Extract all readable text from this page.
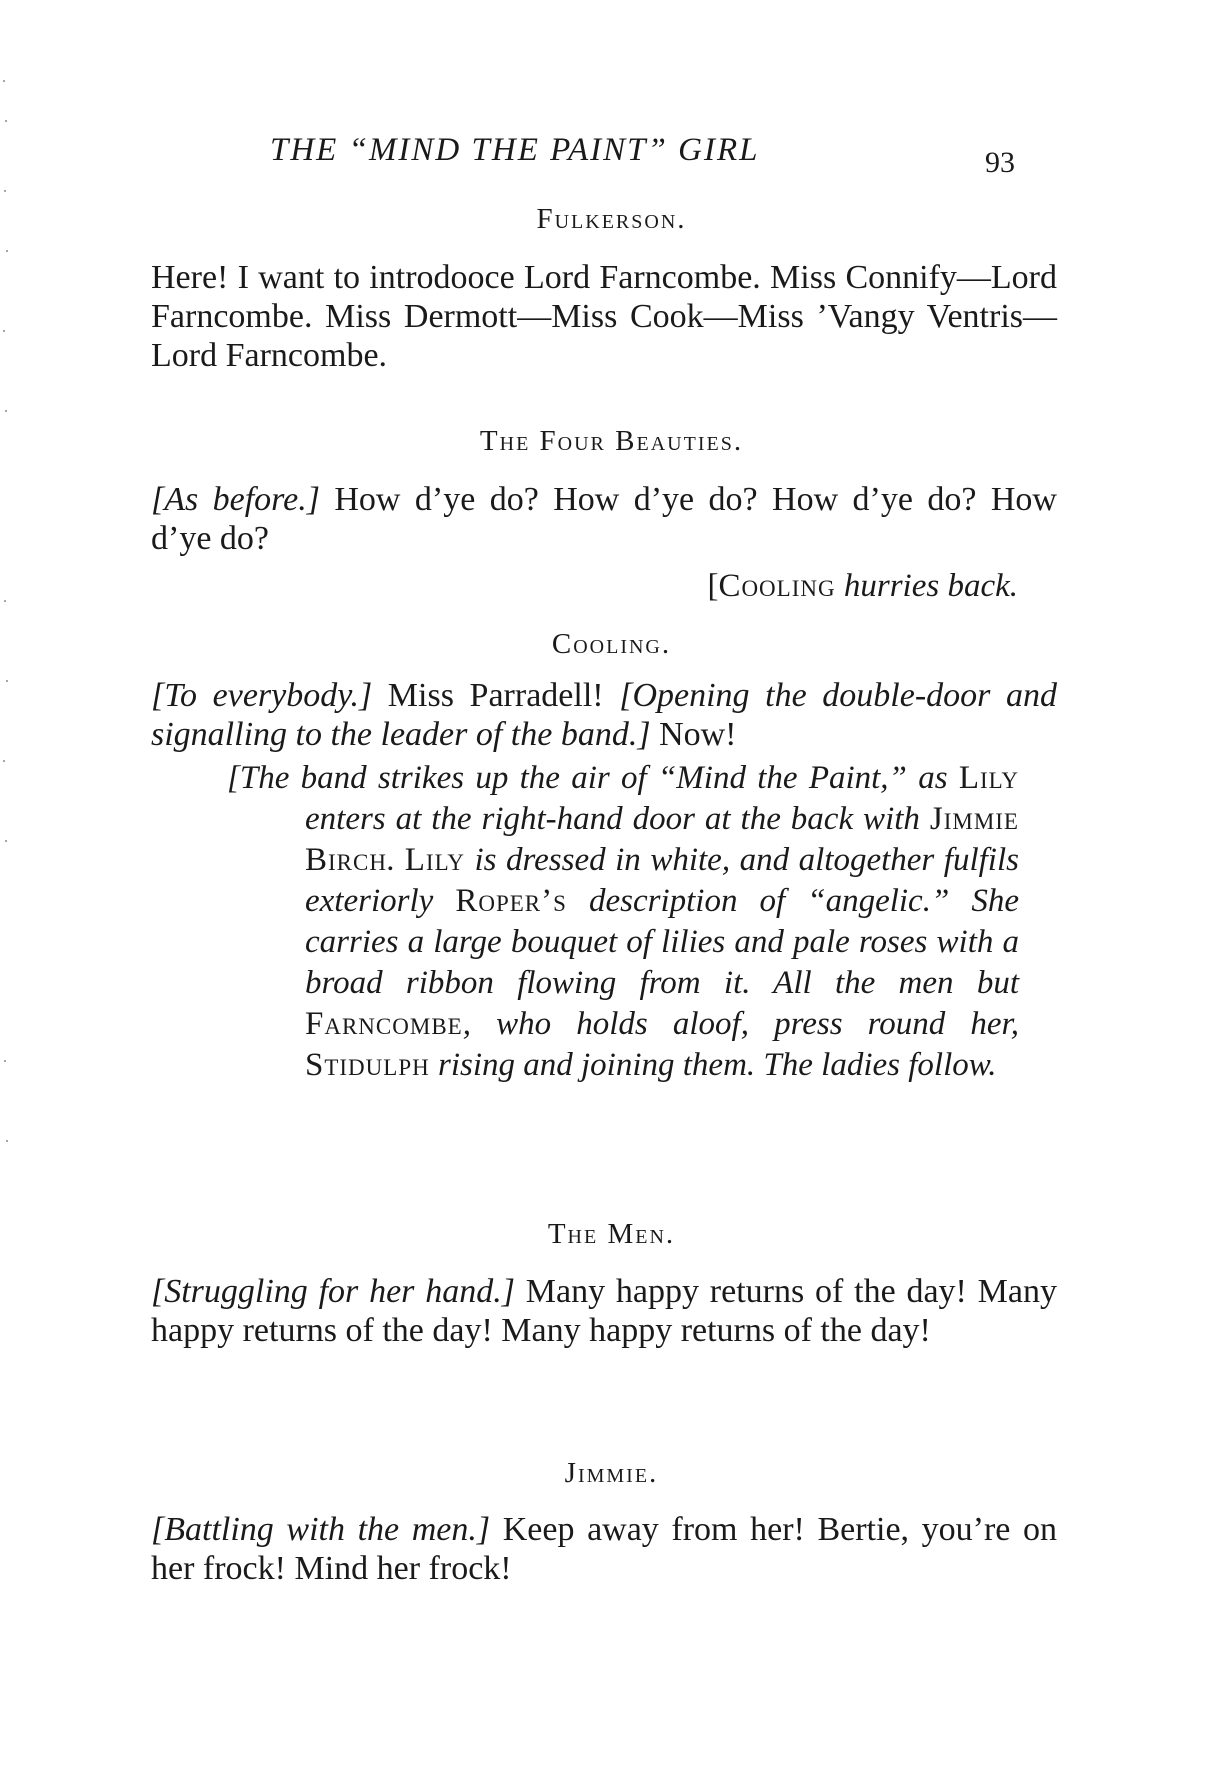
THE “MIND THE PAINT” GIRL	93
Fulkerson.
Here! I want to introdooce Lord Farncombe. Miss Connify—Lord Farncombe. Miss Dermott—Miss Cook—Miss ’Vangy Ventris—Lord Farncombe.
The Four Beauties.
[As before.] How d’ye do? How d’ye do? How d’ye do? How d’ye do?
[Cooling hurries back.
Cooling.
[To everybody.] Miss Parradell! [Opening the double-door and signalling to the leader of the band.] Now!
[The band strikes up the air of “Mind the Paint,” as Lily enters at the right-hand door at the back with Jimmie Birch. Lily is dressed in white, and altogether fulfils exteriorly Roper’s description of “angelic.” She carries a large bouquet of lilies and pale roses with a broad ribbon flowing from it. All the men but Farncombe, who holds aloof, press round her, Stidulph rising and joining them. The ladies follow.
The Men.
[Struggling for her hand.] Many happy returns of the day! Many happy returns of the day! Many happy returns of the day!
Jimmie.
[Battling with the men.] Keep away from her! Bertie, you’re on her frock! Mind her frock!
